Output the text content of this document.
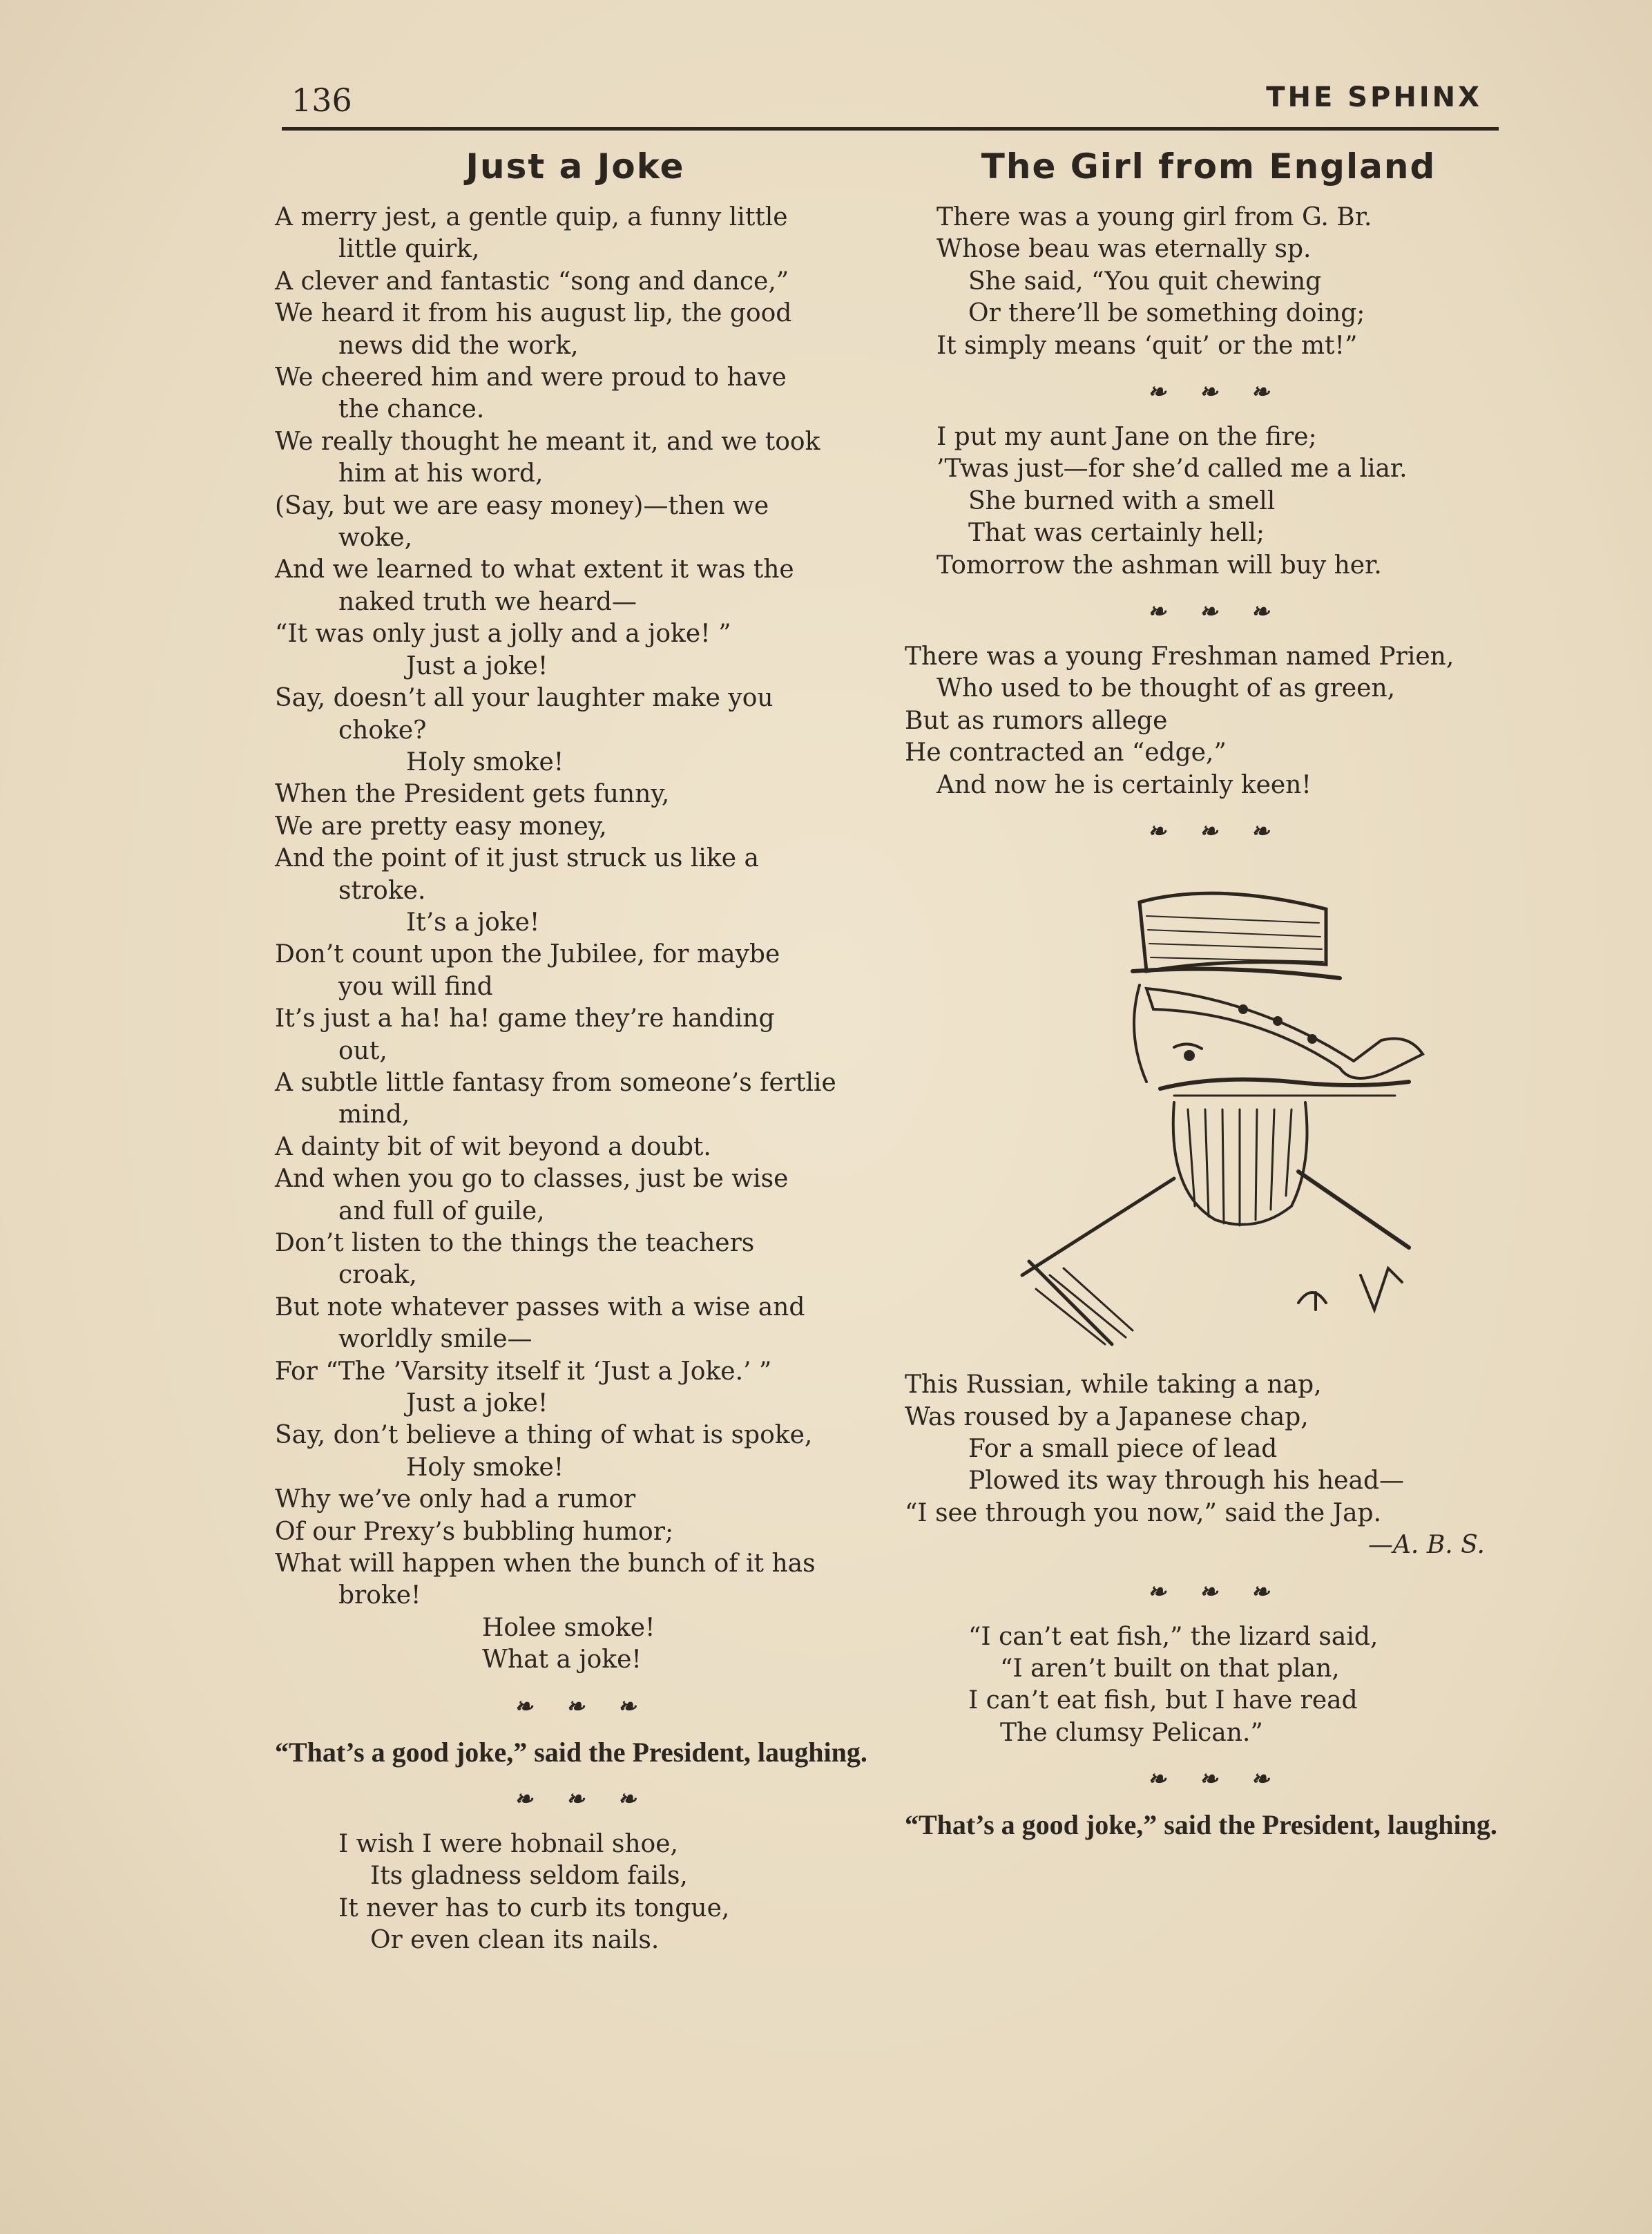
136	THE SPHINX
Just a Joke
A merry jest, a gentle quip, a funny little
little quirk,
A clever and fantastic “song and dance,”
We heard it from his august lip, the good
news did the work,
We cheered him and were proud to have
the chance.
We really thought he meant it, and we took
him at his word,
(Say, but we are easy money)—then we
woke,
And we learned to what extent it was the
naked truth we heard—
“It was only just a jolly and a joke! ”
Just a joke!
Say, doesn’t all your laughter make you
choke?
Holy smoke!
When the President gets funny,
We are pretty easy money,
And the point of it just struck us like a
stroke.
It’s a joke!
Don’t count upon the Jubilee, for maybe
you will find
It’s just a ha! ha! game they’re handing
out,
A subtle little fantasy from someone’s fertlie
mind,
A dainty bit of wit beyond a doubt.
And when you go to classes, just be wise
and full of guile,
Don’t listen to the things the teachers
croak,
But note whatever passes with a wise and
worldly smile—
For “The ’Varsity itself it ‘Just a Joke.’ ”
Just a joke!
Say, don’t believe a thing of what is spoke,
Holy smoke!
Why we’ve only had a rumor
Of our Prexy’s bubbling humor;
What will happen when the bunch of it has
broke!
Holee smoke!
What a joke!
❧❧❧
“That’s a good joke,” said the President, laughing.
❧❧❧
I wish I were hobnail shoe,
Its gladness seldom fails,
It never has to curb its tongue,
Or even clean its nails.
The Girl from England
There was a young girl from G. Br.
Whose beau was eternally sp.
She said, “You quit chewing
Or there’ll be something doing;
It simply means ‘quit’ or the mt!”
❧❧❧
I put my aunt Jane on the fire;
’Twas just—for she’d called me a liar.
She burned with a smell
That was certainly hell;
Tomorrow the ashman will buy her.
❧❧❧
There was a young Freshman named Prien,
Who used to be thought of as green,
But as rumors allege
He contracted an “edge,”
And now he is certainly keen!
❧❧❧
This Russian, while taking a nap,
Was roused by a Japanese chap,
For a small piece of lead
Plowed its way through his head—
“I see through you now,” said the Jap.
—A. B. S.
❧❧❧
“I can’t eat fish,” the lizard said,
“I aren’t built on that plan,
I can’t eat fish, but I have read
The clumsy Pelican.”
❧❧❧
“That’s a good joke,” said the President, laughing.
